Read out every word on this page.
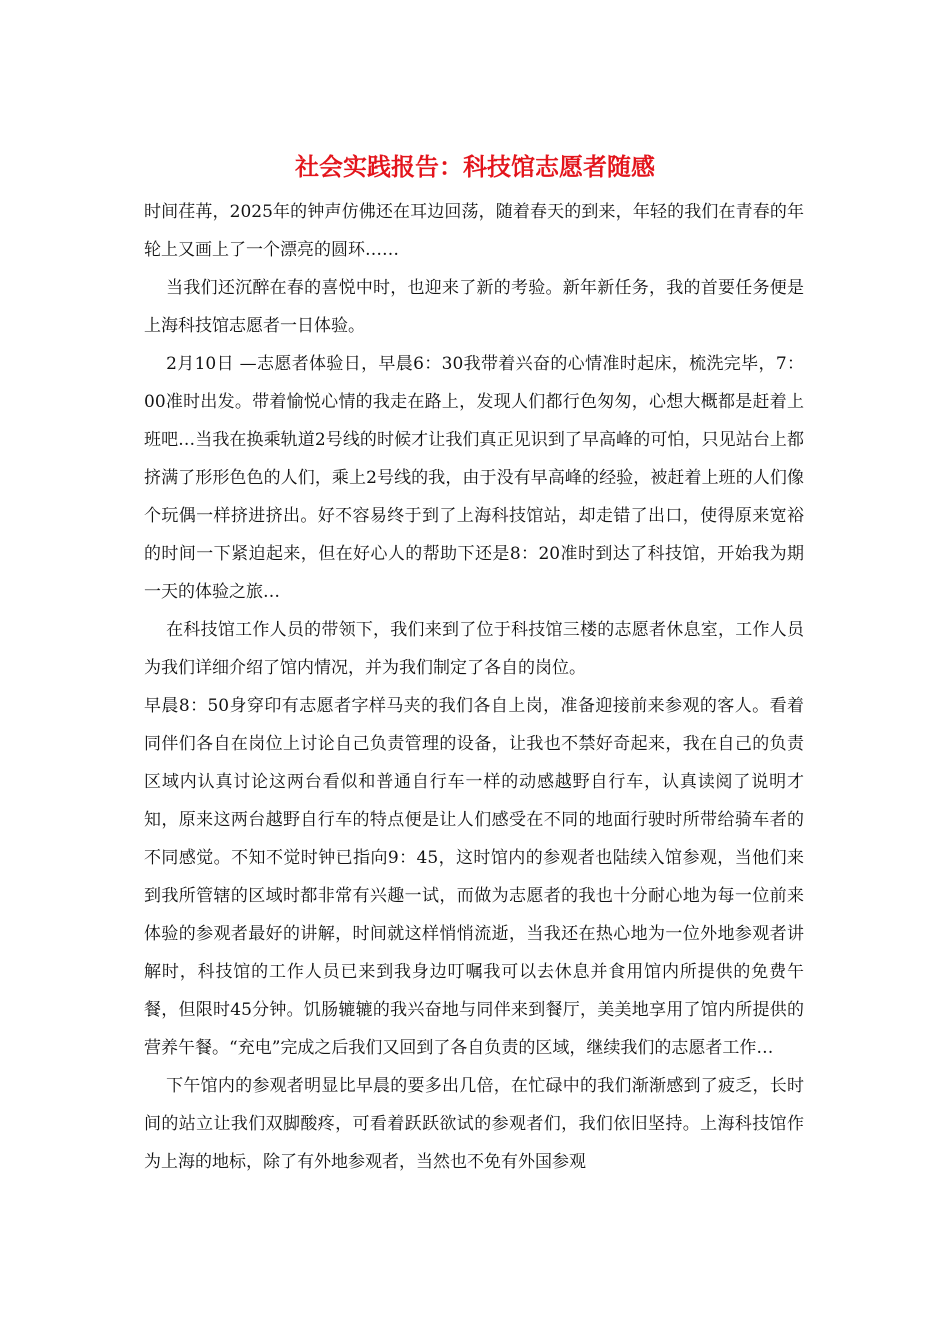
社会实践报告：科技馆志愿者随感

时间荏苒，2025年的钟声仿佛还在耳边回荡，随着春天的到来，年轻的我们在青春的年轮上又画上了一个漂亮的圆环……

当我们还沉醉在春的喜悦中时，也迎来了新的考验。新年新任务，我的首要任务便是上海科技馆志愿者一日体验。

2月10日 —志愿者体验日，早晨6：30我带着兴奋的心情准时起床，梳洗完毕，7：00准时出发。带着愉悦心情的我走在路上，发现人们都行色匆匆，心想大概都是赶着上班吧…当我在换乘轨道2号线的时候才让我们真正见识到了早高峰的可怕，只见站台上都挤满了形形色色的人们，乘上2号线的我，由于没有早高峰的经验，被赶着上班的人们像个玩偶一样挤进挤出。好不容易终于到了上海科技馆站，却走错了出口，使得原来宽裕的时间一下紧迫起来，但在好心人的帮助下还是8：20准时到达了科技馆，开始我为期一天的体验之旅…

在科技馆工作人员的带领下，我们来到了位于科技馆三楼的志愿者休息室，工作人员为我们详细介绍了馆内情况，并为我们制定了各自的岗位。

早晨8：50身穿印有志愿者字样马夹的我们各自上岗，准备迎接前来参观的客人。看着同伴们各自在岗位上讨论自己负责管理的设备，让我也不禁好奇起来，我在自己的负责区域内认真讨论这两台看似和普通自行车一样的动感越野自行车，认真读阅了说明才知，原来这两台越野自行车的特点便是让人们感受在不同的地面行驶时所带给骑车者的不同感觉。不知不觉时钟已指向9：45，这时馆内的参观者也陆续入馆参观，当他们来到我所管辖的区域时都非常有兴趣一试，而做为志愿者的我也十分耐心地为每一位前来体验的参观者最好的讲解，时间就这样悄悄流逝，当我还在热心地为一位外地参观者讲解时，科技馆的工作人员已来到我身边叮嘱我可以去休息并食用馆内所提供的免费午餐，但限时45分钟。饥肠辘辘的我兴奋地与同伴来到餐厅，美美地享用了馆内所提供的营养午餐。“充电”完成之后我们又回到了各自负责的区域，继续我们的志愿者工作…

下午馆内的参观者明显比早晨的要多出几倍，在忙碌中的我们渐渐感到了疲乏，长时间的站立让我们双脚酸疼，可看着跃跃欲试的参观者们，我们依旧坚持。上海科技馆作为上海的地标，除了有外地参观者，当然也不免有外国参观
